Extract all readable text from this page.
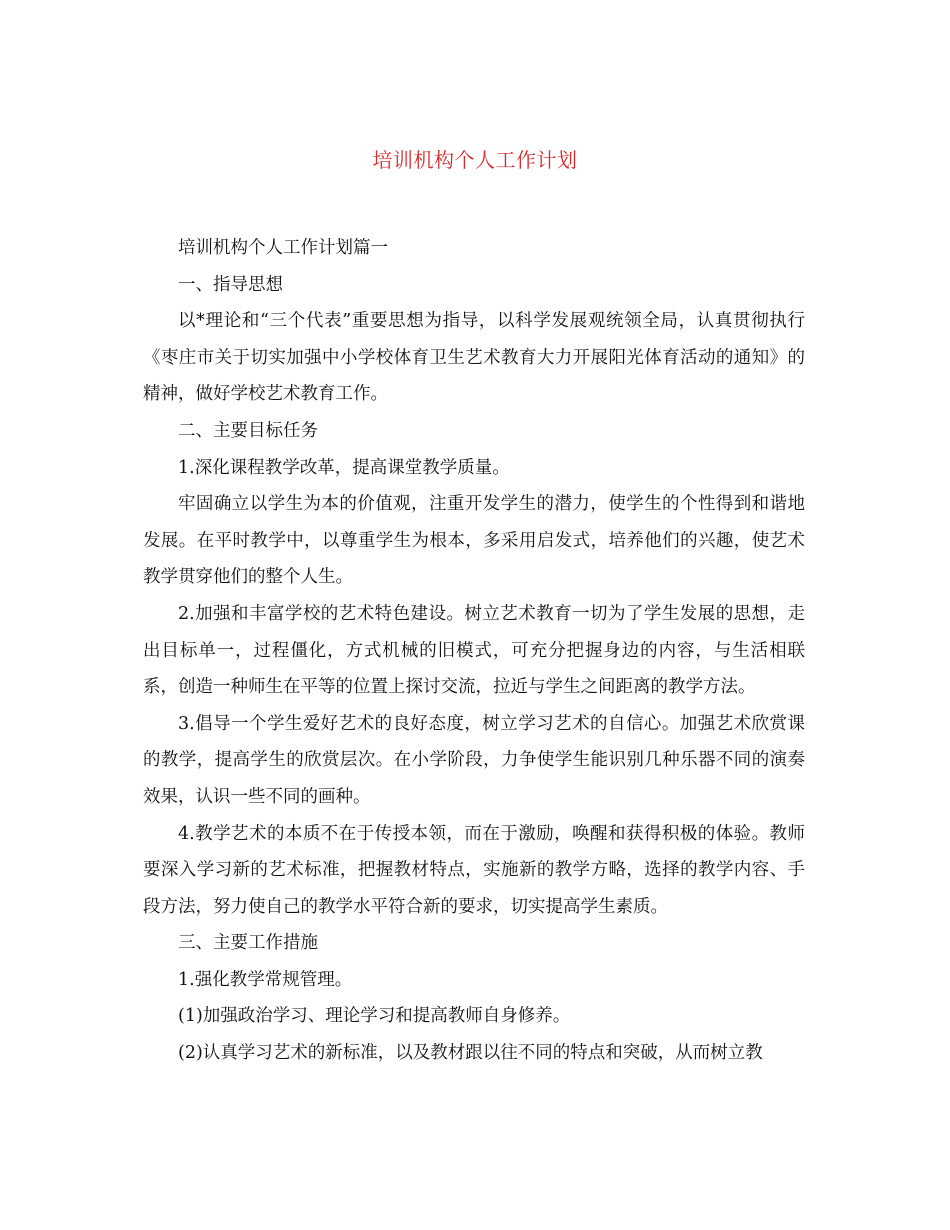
培训机构个人工作计划

培训机构个人工作计划篇一

一、指导思想

以*理论和“三个代表”重要思想为指导，以科学发展观统领全局，认真贯彻执行《枣庄市关于切实加强中小学校体育卫生艺术教育大力开展阳光体育活动的通知》的精神，做好学校艺术教育工作。

二、主要目标任务

1.深化课程教学改革，提高课堂教学质量。

牢固确立以学生为本的价值观，注重开发学生的潜力，使学生的个性得到和谐地发展。在平时教学中，以尊重学生为根本，多采用启发式，培养他们的兴趣，使艺术教学贯穿他们的整个人生。

2.加强和丰富学校的艺术特色建设。树立艺术教育一切为了学生发展的思想，走出目标单一，过程僵化，方式机械的旧模式，可充分把握身边的内容，与生活相联系，创造一种师生在平等的位置上探讨交流，拉近与学生之间距离的教学方法。

3.倡导一个学生爱好艺术的良好态度，树立学习艺术的自信心。加强艺术欣赏课的教学，提高学生的欣赏层次。在小学阶段，力争使学生能识别几种乐器不同的演奏效果，认识一些不同的画种。

4.教学艺术的本质不在于传授本领，而在于激励，唤醒和获得积极的体验。教师要深入学习新的艺术标准，把握教材特点，实施新的教学方略，选择的教学内容、手段方法，努力使自己的教学水平符合新的要求，切实提高学生素质。

三、主要工作措施

1.强化教学常规管理。

(1)加强政治学习、理论学习和提高教师自身修养。

(2)认真学习艺术的新标准，以及教材跟以往不同的特点和突破，从而树立教
